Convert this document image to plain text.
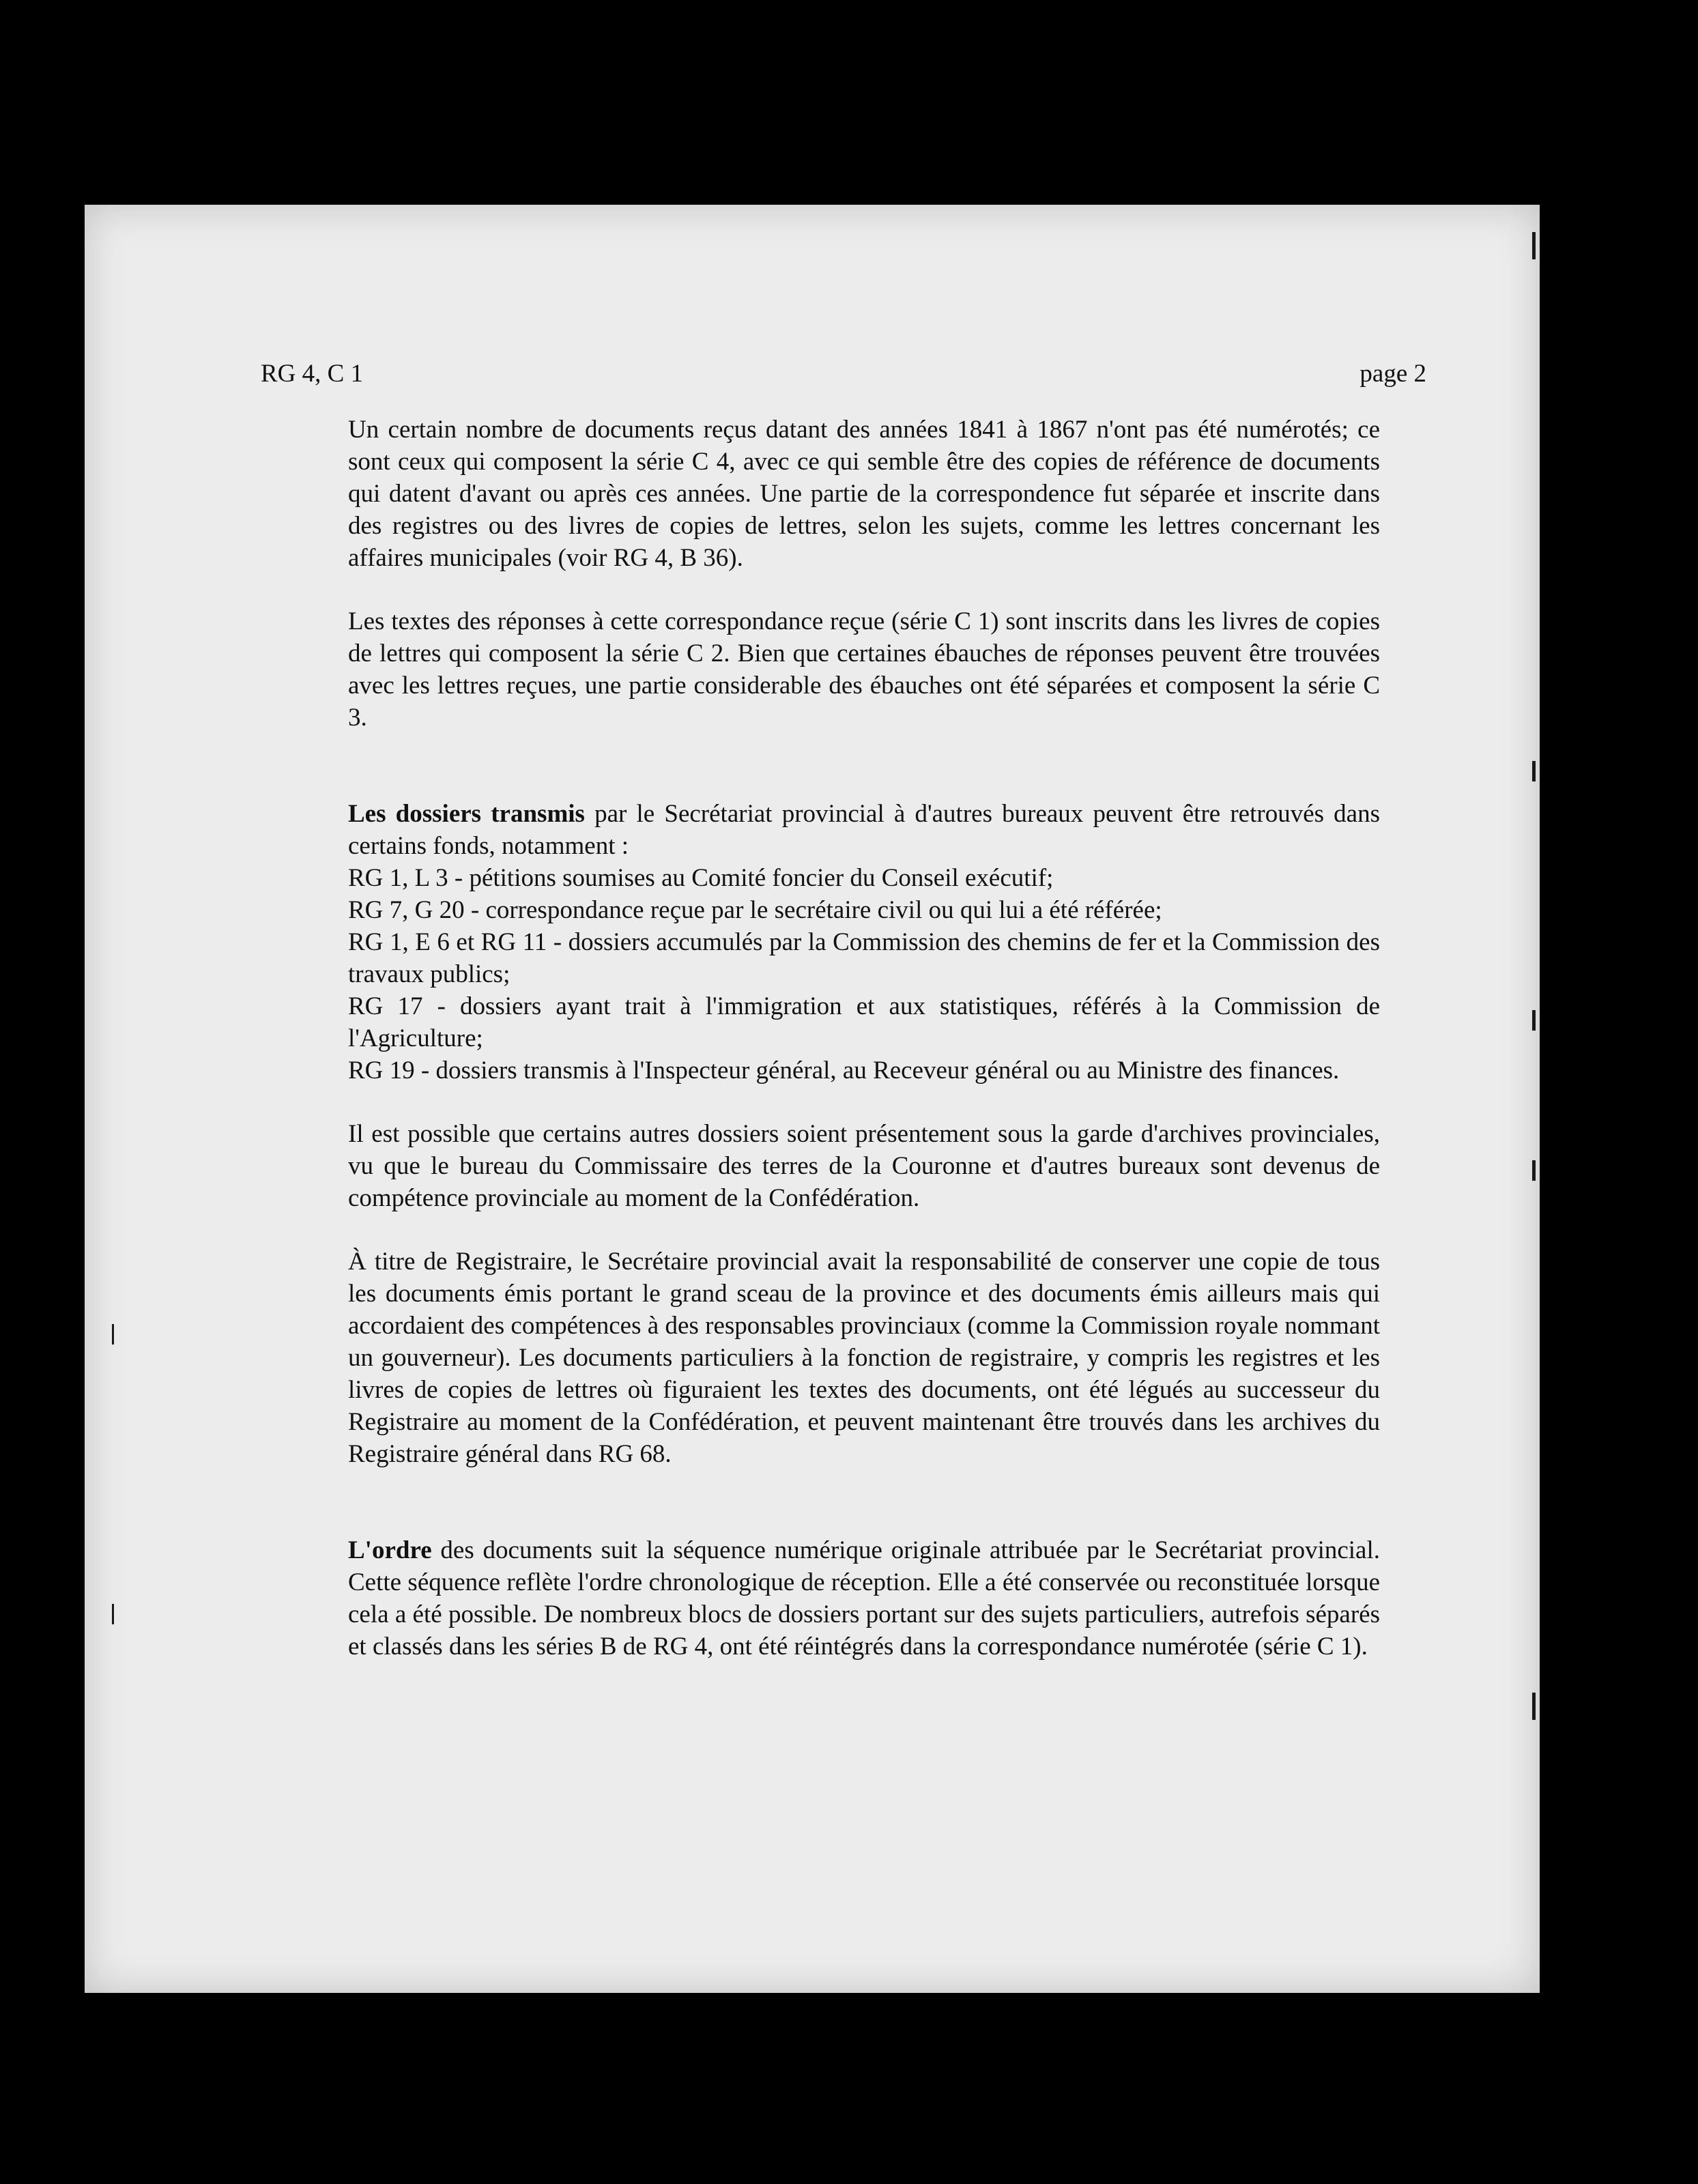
RG 4, C 1	page 2

Un certain nombre de documents reçus datant des années 1841 à 1867 n'ont pas été numérotés; ce sont ceux qui composent la série C 4, avec ce qui semble être des copies de référence de documents qui datent d'avant ou après ces années. Une partie de la correspondence fut séparée et inscrite dans des registres ou des livres de copies de lettres, selon les sujets, comme les lettres concernant les affaires municipales (voir RG 4, B 36).

Les textes des réponses à cette correspondance reçue (série C 1) sont inscrits dans les livres de copies de lettres qui composent la série C 2. Bien que certaines ébauches de réponses peuvent être trouvées avec les lettres reçues, une partie considerable des ébauches ont été séparées et composent la série C 3.

Les dossiers transmis par le Secrétariat provincial à d'autres bureaux peuvent être retrouvés dans certains fonds, notamment :

RG 1, L 3 - pétitions soumises au Comité foncier du Conseil exécutif;
RG 7, G 20 - correspondance reçue par le secrétaire civil ou qui lui a été référée;
RG 1, E 6 et RG 11 - dossiers accumulés par la Commission des chemins de fer et la Commission des travaux publics;
RG 17 - dossiers ayant trait à l'immigration et aux statistiques, référés à la Commission de l'Agriculture;
RG 19 - dossiers transmis à l'Inspecteur général, au Receveur général ou au Ministre des finances.

Il est possible que certains autres dossiers soient présentement sous la garde d'archives provinciales, vu que le bureau du Commissaire des terres de la Couronne et d'autres bureaux sont devenus de compétence provinciale au moment de la Confédération.

À titre de Registraire, le Secrétaire provincial avait la responsabilité de conserver une copie de tous les documents émis portant le grand sceau de la province et des documents émis ailleurs mais qui accordaient des compétences à des responsables provinciaux (comme la Commission royale nommant un gouverneur). Les documents particuliers à la fonction de registraire, y compris les registres et les livres de copies de lettres où figuraient les textes des documents, ont été légués au successeur du Registraire au moment de la Confédération, et peuvent maintenant être trouvés dans les archives du Registraire général dans RG 68.

L'ordre des documents suit la séquence numérique originale attribuée par le Secrétariat provincial. Cette séquence reflète l'ordre chronologique de réception. Elle a été conservée ou reconstituée lorsque cela a été possible. De nombreux blocs de dossiers portant sur des sujets particuliers, autrefois séparés et classés dans les séries B de RG 4, ont été réintégrés dans la correspondance numérotée (série C 1).
